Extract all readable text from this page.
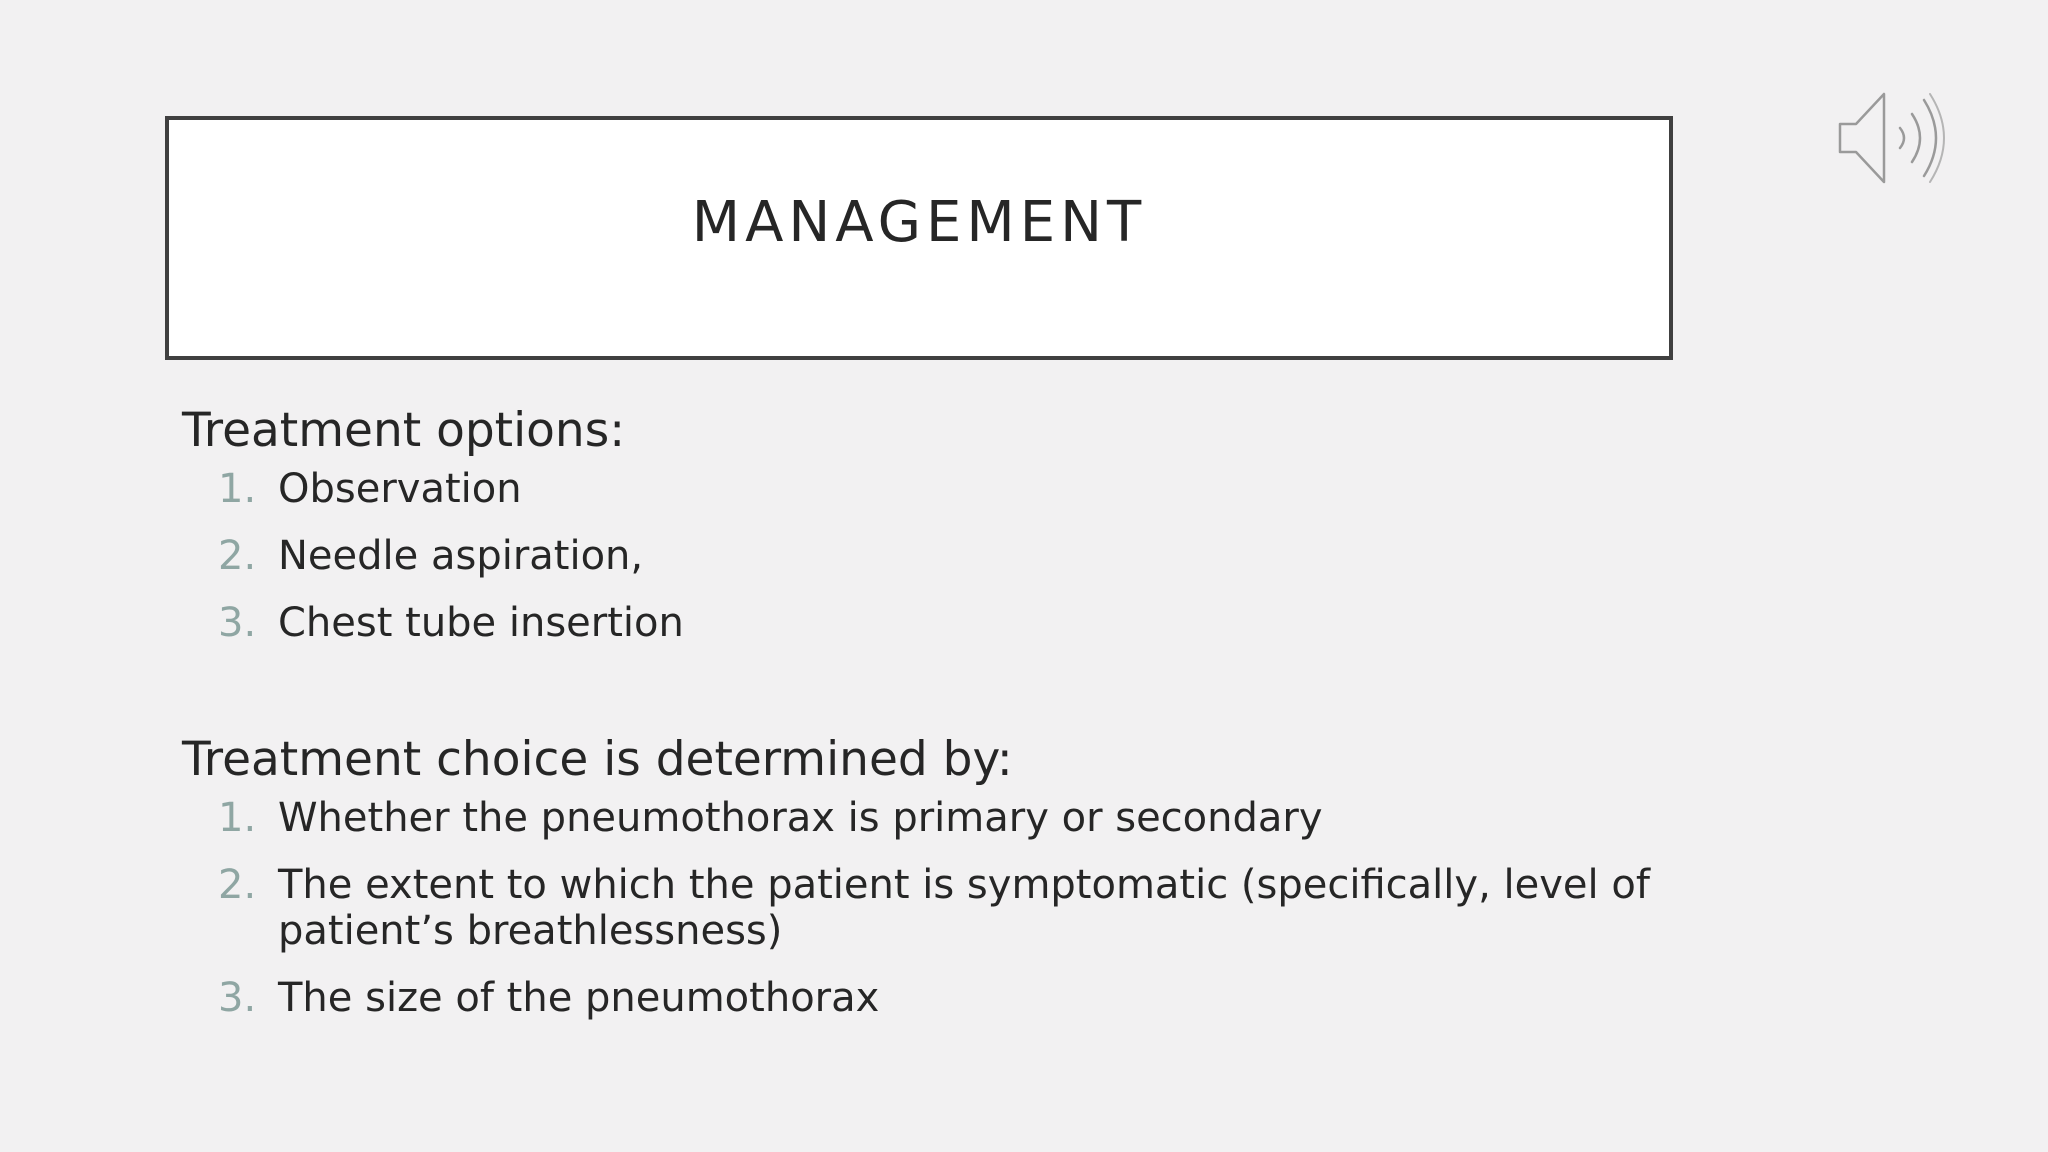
MANAGEMENT
Treatment options:
1. Observation
2. Needle aspiration,
3. Chest tube insertion
Treatment choice is determined by:
1. Whether the pneumothorax is primary or secondary
2. The extent to which the patient is symptomatic (specifically, level of patient’s breathlessness)
3. The size of the pneumothorax
